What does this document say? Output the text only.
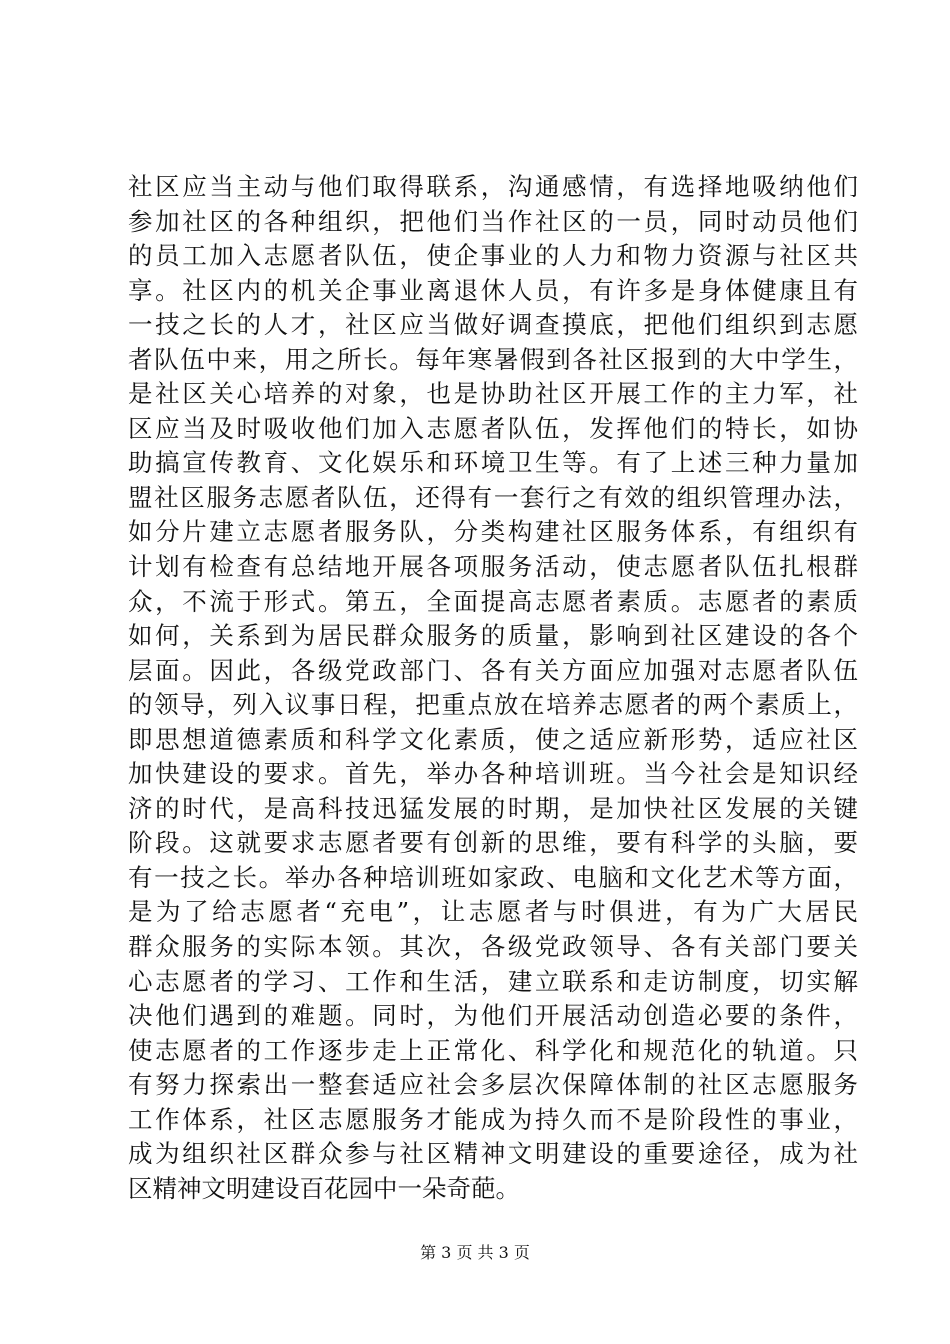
社区应当主动与他们取得联系，沟通感情，有选择地吸纳他们
参加社区的各种组织，把他们当作社区的一员，同时动员他们
的员工加入志愿者队伍，使企事业的人力和物力资源与社区共
享。社区内的机关企事业离退休人员，有许多是身体健康且有
一技之长的人才，社区应当做好调查摸底，把他们组织到志愿
者队伍中来，用之所长。每年寒暑假到各社区报到的大中学生，
是社区关心培养的对象，也是协助社区开展工作的主力军，社
区应当及时吸收他们加入志愿者队伍，发挥他们的特长，如协
助搞宣传教育、文化娱乐和环境卫生等。有了上述三种力量加
盟社区服务志愿者队伍，还得有一套行之有效的组织管理办法，
如分片建立志愿者服务队，分类构建社区服务体系，有组织有
计划有检查有总结地开展各项服务活动，使志愿者队伍扎根群
众，不流于形式。第五，全面提高志愿者素质。志愿者的素质
如何，关系到为居民群众服务的质量，影响到社区建设的各个
层面。因此，各级党政部门、各有关方面应加强对志愿者队伍
的领导，列入议事日程，把重点放在培养志愿者的两个素质上，
即思想道德素质和科学文化素质，使之适应新形势，适应社区
加快建设的要求。首先，举办各种培训班。当今社会是知识经
济的时代，是高科技迅猛发展的时期，是加快社区发展的关键
阶段。这就要求志愿者要有创新的思维，要有科学的头脑，要
有一技之长。举办各种培训班如家政、电脑和文化艺术等方面，
是为了给志愿者“充电”，让志愿者与时俱进，有为广大居民
群众服务的实际本领。其次，各级党政领导、各有关部门要关
心志愿者的学习、工作和生活，建立联系和走访制度，切实解
决他们遇到的难题。同时，为他们开展活动创造必要的条件，
使志愿者的工作逐步走上正常化、科学化和规范化的轨道。只
有努力探索出一整套适应社会多层次保障体制的社区志愿服务
工作体系，社区志愿服务才能成为持久而不是阶段性的事业，
成为组织社区群众参与社区精神文明建设的重要途径，成为社
区精神文明建设百花园中一朵奇葩。
第 3 页 共 3 页
